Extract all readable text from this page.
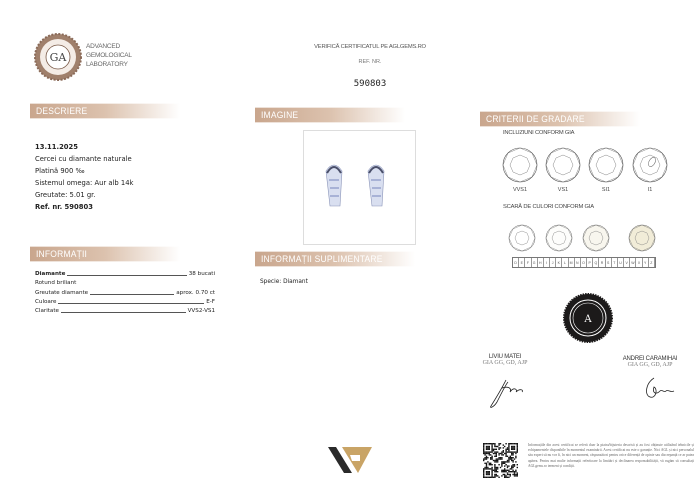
GA
ADVANCED
GEMOLOGICAL
LABORATORY
VERIFICĂ CERTIFICATUL PE AGLGEMS.RO
REF. NR.
590803
DESCRIERE
13.11.2025
Cercei cu diamante naturale
Platină 900 ‰
Sistemul omega: Aur alb 14k
Greutate: 5.01 gr.
Ref. nr. 590803
INFORMAȚII
Diamante	38 bucati
Rotund briliant
Greutate diamante	aprox. 0.70 ct
Culoare	E-F
Claritate	VVS2-VS1
IMAGINE
INFORMAȚII SUPLIMENTARE
Specie: Diamant
CRITERII DE GRADARE
INCLUZIUNI CONFORM GIA
VVS1	VS1	SI1	I1
SCARĂ DE CULORI CONFORM GIA
D	E	F	G	H	I	J	K	L	M N	O	P	Q	R	S	T	U	V W X	Y	Z
A
LIVIU MATEI
GIA GG, GD, AJP
ANDREI CARAMIHAI
GIA GG, GD, AJP
Informațiile din acest certificat se referă doar la piatra/bijuteria descrisă și au fost obținute utilizând tehnicile și echipamentele disponibile în momentul examinării. Acest certificat nu este o garanție. Nici AGL și nici personalul său expert să nu vor fi, în nici un moment, răspunzători pentru orice diferență de opinie sau discrepanță ce ar putea apărea. Pentru mai multe informații referitoare la limitări și declinarea responsabilității, vă rugăm să consultați AGLgems.ro termeni și condiții.
